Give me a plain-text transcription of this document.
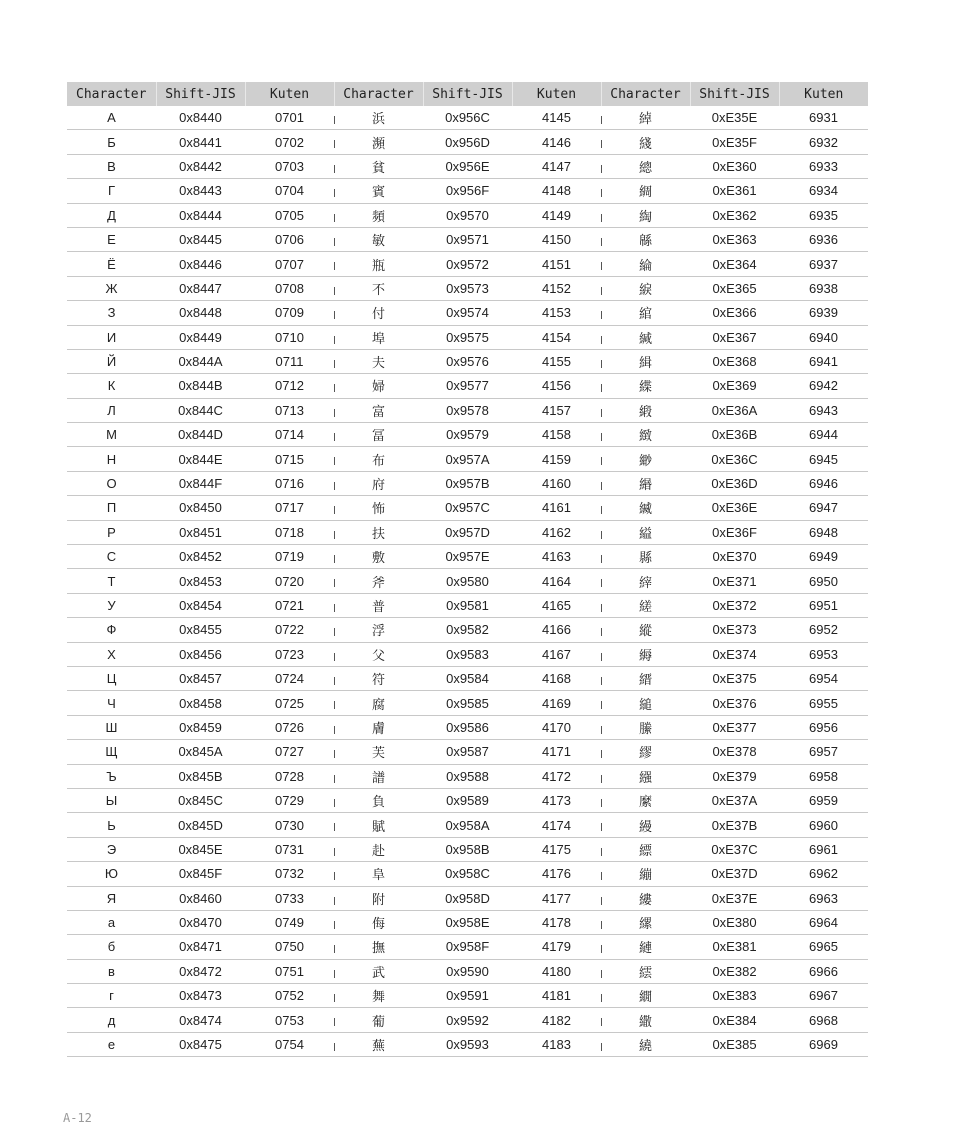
Character	Shift-JIS	Kuten	Character	Shift-JIS	Kuten	Character	Shift-JIS	Kuten
А	0x8440	0701	浜	0x956C	4145	綽	0xE35E	6931
Б	0x8441	0702	瀕	0x956D	4146	綫	0xE35F	6932
В	0x8442	0703	貧	0x956E	4147	總	0xE360	6933
Г	0x8443	0704	賓	0x956F	4148	綢	0xE361	6934
Д	0x8444	0705	頻	0x9570	4149	綯	0xE362	6935
Е	0x8445	0706	敏	0x9571	4150	緜	0xE363	6936
Ё	0x8446	0707	瓶	0x9572	4151	綸	0xE364	6937
Ж	0x8447	0708	不	0x9573	4152	綟	0xE365	6938
З	0x8448	0709	付	0x9574	4153	綰	0xE366	6939
И	0x8449	0710	埠	0x9575	4154	緘	0xE367	6940
Й	0x844A	0711	夫	0x9576	4155	緝	0xE368	6941
К	0x844B	0712	婦	0x9577	4156	緤	0xE369	6942
Л	0x844C	0713	富	0x9578	4157	緞	0xE36A	6943
М	0x844D	0714	冨	0x9579	4158	緻	0xE36B	6944
Н	0x844E	0715	布	0x957A	4159	緲	0xE36C	6945
О	0x844F	0716	府	0x957B	4160	緡	0xE36D	6946
П	0x8450	0717	怖	0x957C	4161	縅	0xE36E	6947
Р	0x8451	0718	扶	0x957D	4162	縊	0xE36F	6948
С	0x8452	0719	敷	0x957E	4163	縣	0xE370	6949
Т	0x8453	0720	斧	0x9580	4164	縡	0xE371	6950
У	0x8454	0721	普	0x9581	4165	縒	0xE372	6951
Ф	0x8455	0722	浮	0x9582	4166	縱	0xE373	6952
Х	0x8456	0723	父	0x9583	4167	縟	0xE374	6953
Ц	0x8457	0724	符	0x9584	4168	縉	0xE375	6954
Ч	0x8458	0725	腐	0x9585	4169	縋	0xE376	6955
Ш	0x8459	0726	膚	0x9586	4170	縢	0xE377	6956
Щ	0x845A	0727	芙	0x9587	4171	繆	0xE378	6957
Ъ	0x845B	0728	譜	0x9588	4172	繦	0xE379	6958
Ы	0x845C	0729	負	0x9589	4173	縻	0xE37A	6959
Ь	0x845D	0730	賦	0x958A	4174	縵	0xE37B	6960
Э	0x845E	0731	赴	0x958B	4175	縹	0xE37C	6961
Ю	0x845F	0732	阜	0x958C	4176	繃	0xE37D	6962
Я	0x8460	0733	附	0x958D	4177	縷	0xE37E	6963
а	0x8470	0749	侮	0x958E	4178	縲	0xE380	6964
б	0x8471	0750	撫	0x958F	4179	縺	0xE381	6965
в	0x8472	0751	武	0x9590	4180	繧	0xE382	6966
г	0x8473	0752	舞	0x9591	4181	繝	0xE383	6967
д	0x8474	0753	葡	0x9592	4182	繖	0xE384	6968
е	0x8475	0754	蕪	0x9593	4183	繞	0xE385	6969
A-12
